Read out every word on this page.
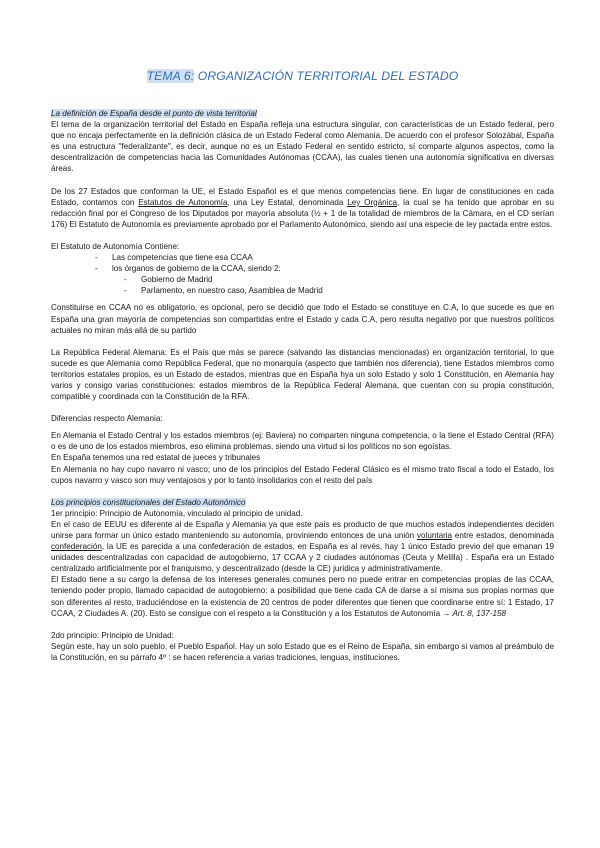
TEMA 6: ORGANIZACIÓN TERRITORIAL DEL ESTADO
La definición de España desde el punto de vista territorial

El tema de la organización territorial del Estado en España refleja una estructura singular, con características de un Estado federal, pero que no encaja perfectamente en la definición clásica de un Estado Federal como Alemania. De acuerdo con el profesor Solozábal, España es una estructura "federalizante", es decir, aunque no es un Estado Federal en sentido estricto, sí comparte algunos aspectos, como la descentralización de competencias hacia las Comunidades Autónomas (CCAA), las cuales tienen una autonomía significativa en diversas áreas.

De los 27 Estados que conforman la UE, el Estado Español es el que menos competencias tiene. En lugar de constituciones en cada Estado, contamos con Estatutos de Autonomía, una Ley Estatal, denominada Ley Orgánica, la cual se ha tenido que aprobar en su redacción final por el Congreso de los Diputados por mayoría absoluta (½ + 1 de la totalidad de miembros de la Cámara, en el CD serían 176) El Estatuto de Autonomía es previamente aprobado por el Parlamento Autonómico, siendo así una especie de ley pactada entre estos.

El Estatuto de Autonomía Contiene:

- Las competencias que tiene esa CCAA
- los órganos de gobierno de la CCAA, siendo 2:
- Gobierno de Madrid
- Parlamento, en nuestro caso, Asamblea de Madrid

Constituirse en CCAA no es obligatorio, es opcional, pero se decidió que todo el Estado se constituye en C.A, lo que sucede es que en España una gran mayoría de competencias son compartidas entre el Estado y cada C.A, pero resulta negativo por que nuestros políticos actuales no miran más allá de su partido

La República Federal Alemana: Es el País que más se parece (salvando las distancias mencionadas) en organización territorial, lo que sucede es que Alemania como República Federal, que no monarquía (aspecto que también nos diferencia), tiene Estados miembros como territorios estatales propios, es un Estado de estados, mientras que en España hya un solo Estado y solo 1 Constitución, en Alemania hay varios y consigo varias constituciones: estados miembros de la República Federal Alemana, que cuentan con su propia constitución, compatible y coordinada con la Constitución de la RFA.

Diferencias respecto Alemania:

En Alemania el Estado Central y los estados miembros (ej: Baviera) no comparten ninguna competencia, o la tiene el Estado Central (RFA) o es de uno de los estados miembros, eso elimina problemas, siendo una virtud si los políticos no son egoístas.

En España tenemos una red estatal de jueces y tribunales

En Alemania no hay cupo navarro ni vasco; uno de los principios del Estado Federal Clásico es el mismo trato fiscal a todo el Estado, los cupos navarro y vasco son muy ventajosos y por lo tanto insolidarios con el resto del país

Los principios constitucionales del Estado Autonómico

1er principio: Principio de Autonomía, vinculado al principio de unidad.

En el caso de EEUU es diferente al de España y Alemania ya que este país es producto de que muchos estados independientes deciden unirse para formar un único estado manteniendo su autonomía, proviniendo entonces de una unión voluntaria entre estados, denominada confederación, la UE es parecida a una confederación de estados, en España es al revés, hay 1 único Estado previo del que emanan 19 unidades descentralizadas con capacidad de autogobierno, 17 CCAA y 2 ciudades autónomas (Ceuta y Melilla) . España era un Estado centralizado artificialmente por el franquismo, y descentralizado (desde la CE) jurídica y administrativamente.

El Estado tiene a su cargo la defensa de los intereses generales comunes pero no puede entrar en competencias propias de las CCAA, teniendo poder propio, llamado capacidad de autogobierno: a posibilidad que tiene cada CA de darse a sí misma sus propias normas que son diferentes al resto, traduciéndose en la existencia de 20 centros de poder diferentes que tienen que coordinarse entre sí: 1 Estado, 17 CCAA, 2 Ciudades A. (20). Esto se consigue con el respeto a la Constitución y a los Estatutos de Autonomía → Art. 8, 137-158

2do principio: Principio de Unidad:

Según este, hay un solo pueblo, el Pueblo Español. Hay un solo Estado que es el Reino de España, sin embargo si vamos al preámbulo de la Constitución, en su párrafo 4º : se hacen referencia a varias tradiciones, lenguas, instituciones.
